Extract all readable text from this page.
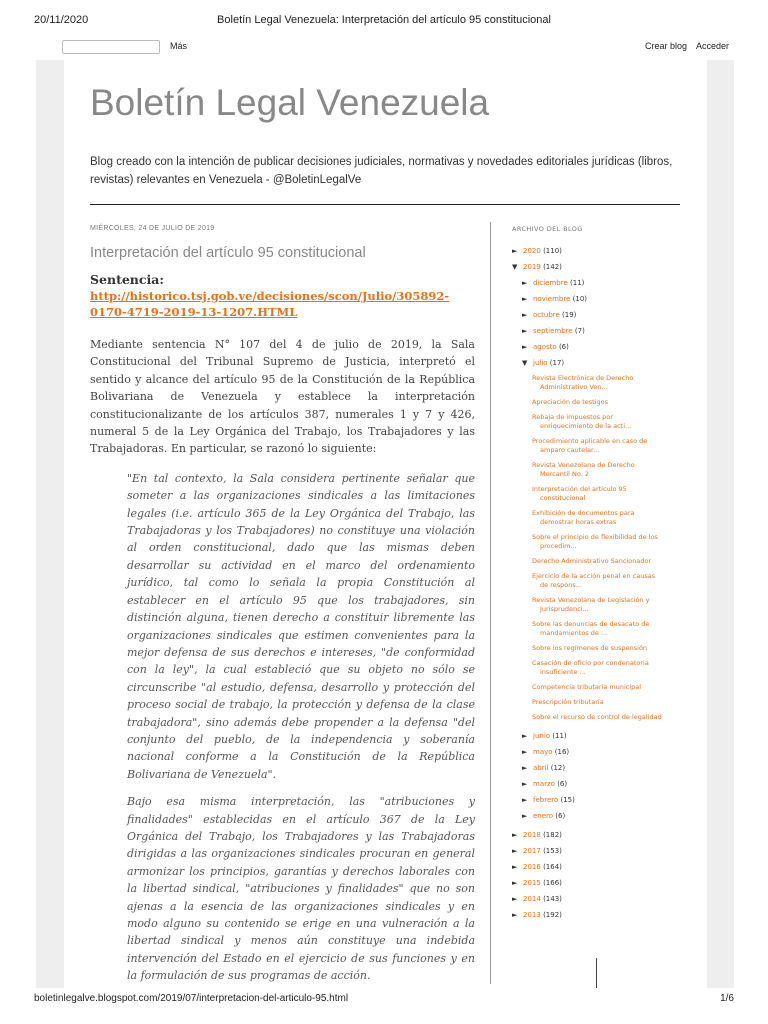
20/11/2020	Boletín Legal Venezuela: Interpretación del artículo 95 constitucional
Más	Crear blog Acceder
Boletín Legal Venezuela
Blog creado con la intención de publicar decisiones judiciales, normativas y novedades editoriales jurídicas (libros, revistas) relevantes en Venezuela - @BoletinLegalVe
MIÉRCOLES, 24 DE JULIO DE 2019
Interpretación del artículo 95 constitucional
Sentencia:
http://historico.tsj.gob.ve/decisiones/scon/Julio/305892-0170-4719-2019-13-1207.HTML
Mediante sentencia N° 107 del 4 de julio de 2019, la Sala Constitucional del Tribunal Supremo de Justicia, interpretó el sentido y alcance del artículo 95 de la Constitución de la República Bolivariana de Venezuela y establece la interpretación constitucionalizante de los artículos 387, numerales 1 y 7 y 426, numeral 5 de la Ley Orgánica del Trabajo, los Trabajadores y las Trabajadoras. En particular, se razonó lo siguiente:

"En tal contexto, la Sala considera pertinente señalar que someter a las organizaciones sindicales a las limitaciones legales (i.e. artículo 365 de la Ley Orgánica del Trabajo, las Trabajadoras y los Trabajadores) no constituye una violación al orden constitucional, dado que las mismas deben desarrollar su actividad en el marco del ordenamiento jurídico, tal como lo señala la propia Constitución al establecer en el artículo 95 que los trabajadores, sin distinción alguna, tienen derecho a constituir libremente las organizaciones sindicales que estimen convenientes para la mejor defensa de sus derechos e intereses, "de conformidad con la ley", la cual estableció que su objeto no sólo se circunscribe "al estudio, defensa, desarrollo y protección del proceso social de trabajo, la protección y defensa de la clase trabajadora", sino además debe propender a la defensa "del conjunto del pueblo, de la independencia y soberanía nacional conforme a la Constitución de la República Bolivariana de Venezuela".

Bajo esa misma interpretación, las "atribuciones y finalidades" establecidas en el artículo 367 de la Ley Orgánica del Trabajo, los Trabajadores y las Trabajadoras dirigidas a las organizaciones sindicales procuran en general armonizar los principios, garantías y derechos laborales con la libertad sindical, "atribuciones y finalidades" que no son ajenas a la esencia de las organizaciones sindicales y en modo alguno su contenido se erige en una vulneración a la libertad sindical y menos aún constituye una indebida intervención del Estado en el ejercicio de sus funciones y en la formulación de sus programas de acción.

ARCHIVO DEL BLOG
► 2020 (110)
▼ 2019 (142)
► diciembre (11)
► noviembre (10)
► octubre (19)
► septiembre (7)
► agosto (6)
▼ julio (17)
Revista Electrónica de Derecho
Administrativo Ven...
Apreciación de testigos
Rebaja de impuestos por
enriquecimiento de la acti...
Procedimiento aplicable en caso de
amparo cautelar...
Revista Venezolana de Derecho
Mercantil No. 2
Interpretación del artículo 95
constitucional
Exhibición de documentos para
demostrar horas extras
Sobre el principio de flexibilidad de los
procedim...
Derecho Administrativo Sancionador
Ejercicio de la acción penal en causas
de respons...
Revista Venezolana de Legislación y
Jurisprudenci...
Sobre las denuncias de desacato de
mandamientos de ...
Sobre los regímenes de suspensión
Casación de oficio por condenatoria
insuficiente ...
Competencia tributaria municipal
Prescripción tributaria
Sobre el recurso de control de legalidad
► junio (11)
► mayo (16)
► abril (12)
► marzo (6)
► febrero (15)
► enero (6)
► 2018 (182)
► 2017 (153)
► 2016 (164)
► 2015 (166)
► 2014 (143)
► 2013 (192)
boletinlegalve.blogspot.com/2019/07/interpretacion-del-articulo-95.html	1/6
